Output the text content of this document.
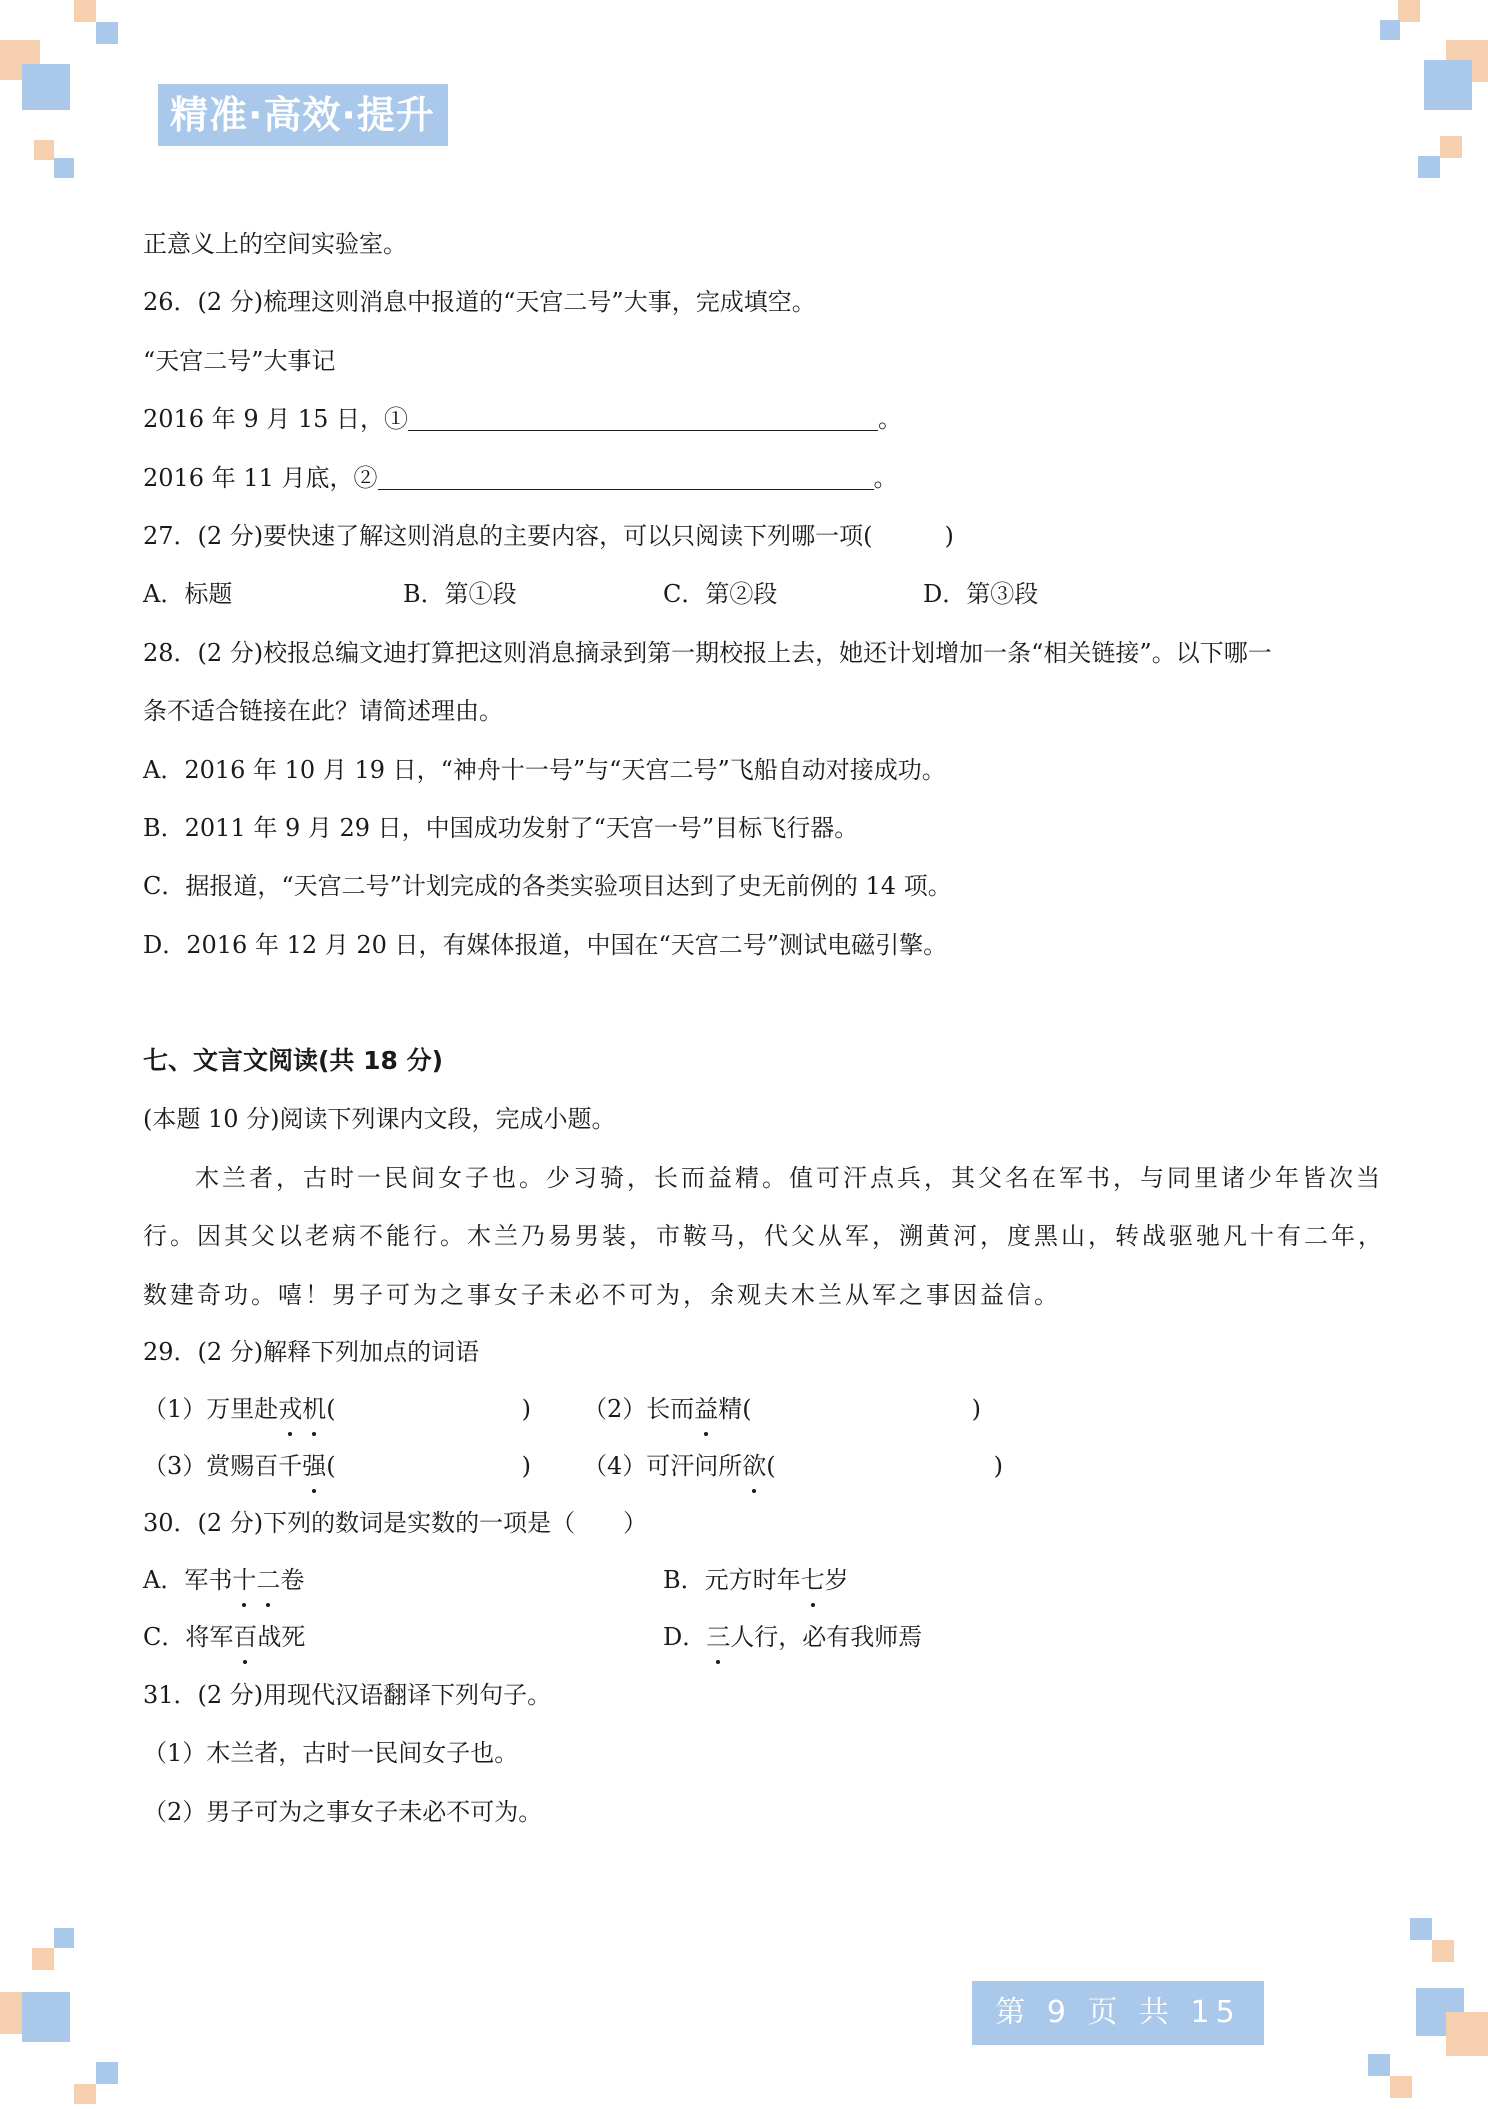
精准·高效·提升
正意义上的空间实验室。
26．(2 分)梳理这则消息中报道的“天宫二号”大事，完成填空。
“天宫二号”大事记
2016 年 9 月 15 日，①	。
2016 年 11 月底，②	。
27．(2 分)要快速了解这则消息的主要内容，可以只阅读下列哪一项(　　　)
A．标题	B．第①段	C．第②段	D．第③段
28．(2 分)校报总编文迪打算把这则消息摘录到第一期校报上去，她还计划增加一条“相关链接”。以下哪一
条不适合链接在此？请简述理由。
A．2016 年 10 月 19 日，“神舟十一号”与“天宫二号”飞船自动对接成功。
B．2011 年 9 月 29 日，中国成功发射了“天宫一号”目标飞行器。
C．据报道，“天宫二号”计划完成的各类实验项目达到了史无前例的 14 项。
D．2016 年 12 月 20 日，有媒体报道，中国在“天宫二号”测试电磁引擎。
七、文言文阅读(共 18 分)
(本题 10 分)阅读下列课内文段，完成小题。
木兰者，古时一民间女子也。少习骑，长而益精。值可汗点兵，其父名在军书，与同里诸少年皆次当
行。因其父以老病不能行。木兰乃易男装，市鞍马，代父从军，溯黄河，度黑山，转战驱驰凡十有二年，
数建奇功。嘻！男子可为之事女子未必不可为，余观夫木兰从军之事因益信。
29．(2 分)解释下列加点的词语
（1）万里赴戎机(	) （2）长而益精(	)
（3）赏赐百千强(	) （4）可汗问所欲(	)
30．(2 分)下列的数词是实数的一项是（　　）
A．军书十二卷	B．元方时年七岁
C．将军百战死	D．三人行，必有我师焉
31．(2 分)用现代汉语翻译下列句子。
（1）木兰者，古时一民间女子也。
（2）男子可为之事女子未必不可为。
第 9 页 共 15 页
